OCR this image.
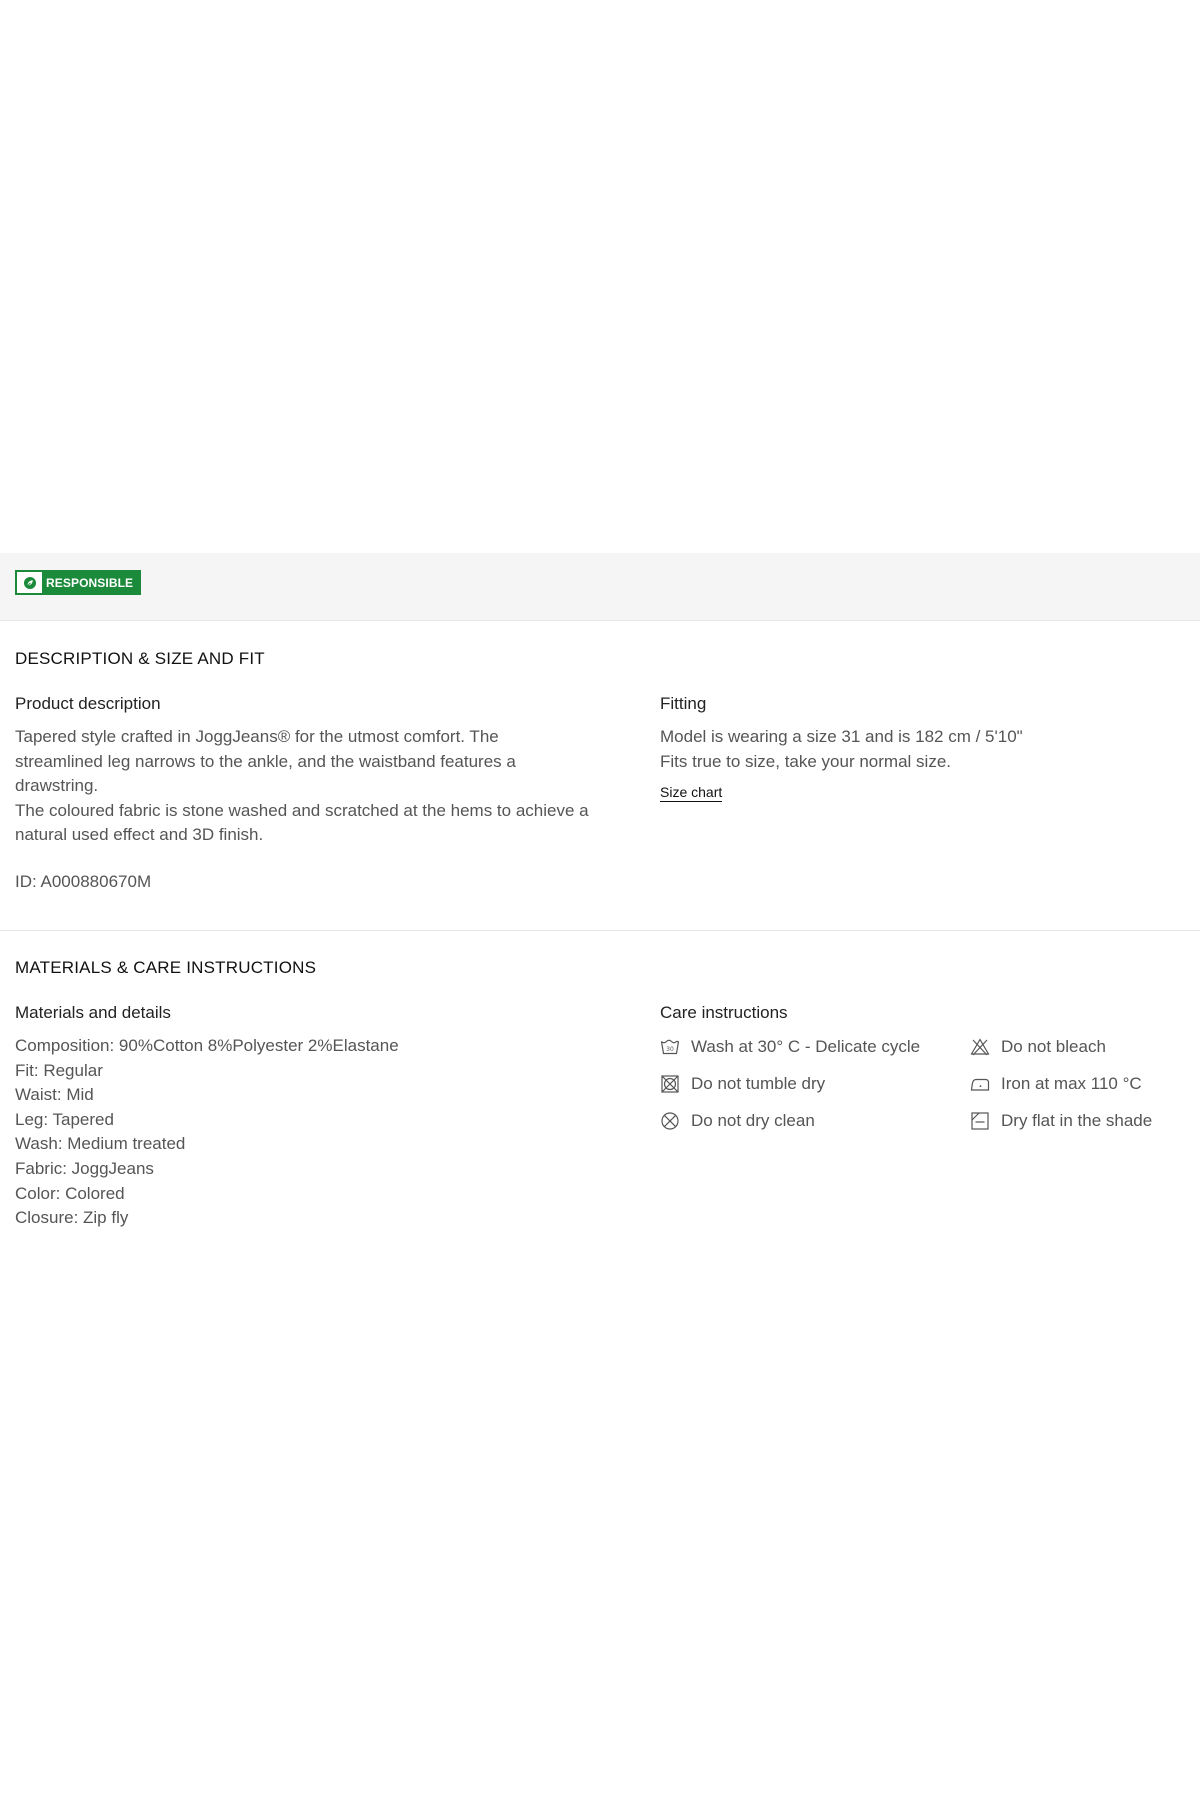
RESPONSIBLE
DESCRIPTION & SIZE AND FIT
Product description
Tapered style crafted in JoggJeans® for the utmost comfort. The
streamlined leg narrows to the ankle, and the waistband features a
drawstring.
The coloured fabric is stone washed and scratched at the hems to achieve a
natural used effect and 3D finish.
ID: A000880670M
Fitting
Model is wearing a size 31 and is 182 cm / 5'10"
Fits true to size, take your normal size.
Size chart
MATERIALS & CARE INSTRUCTIONS
Materials and details
Composition: 90%Cotton 8%Polyester 2%Elastane
Fit: Regular
Waist: Mid
Leg: Tapered
Wash: Medium treated
Fabric: JoggJeans
Color: Colored
Closure: Zip fly
Care instructions
30 Wash at 30° C - Delicate cycle	Do not bleach
Do not tumble dry	Iron at max 110 °C
Do not dry clean	Dry flat in the shade
